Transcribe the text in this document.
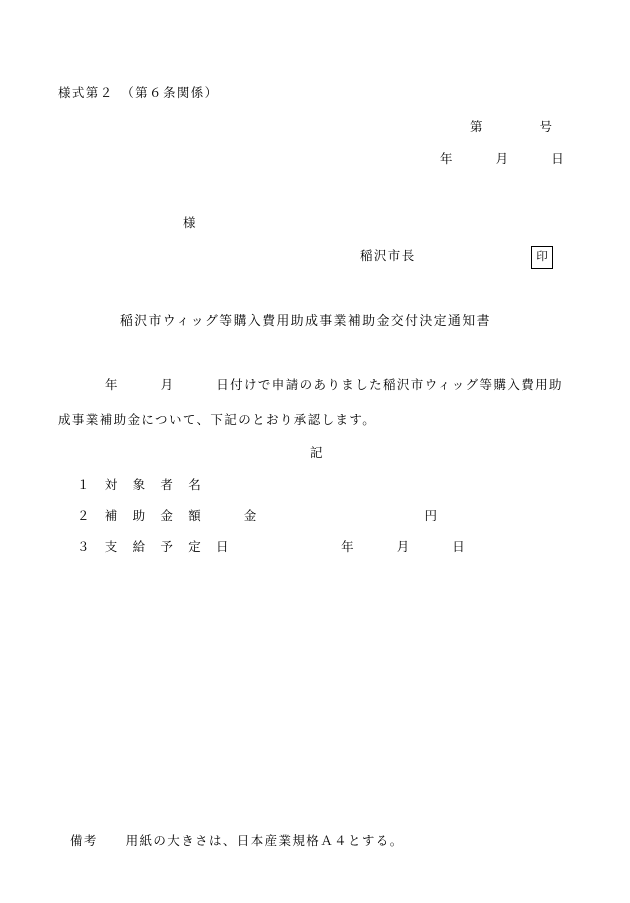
様式第２　（第６条関係）
第　　　　号
年　　　月　　　日
様
稲沢市長	印
稲沢市ウィッグ等購入費用助成事業補助金交付決定通知書
年　　　月　　　日付けで申請のありました稲沢市ウィッグ等購入費用助
成事業補助金について、下記のとおり承認します。
記
１　対　象　者　名
２　補　助　金　額　　　金　　　　　　　　　　　　円
３　支　給　予　定　日　　　　　　　　年　　　月　　　日
備考　　用紙の大きさは、日本産業規格Ａ４とする。
